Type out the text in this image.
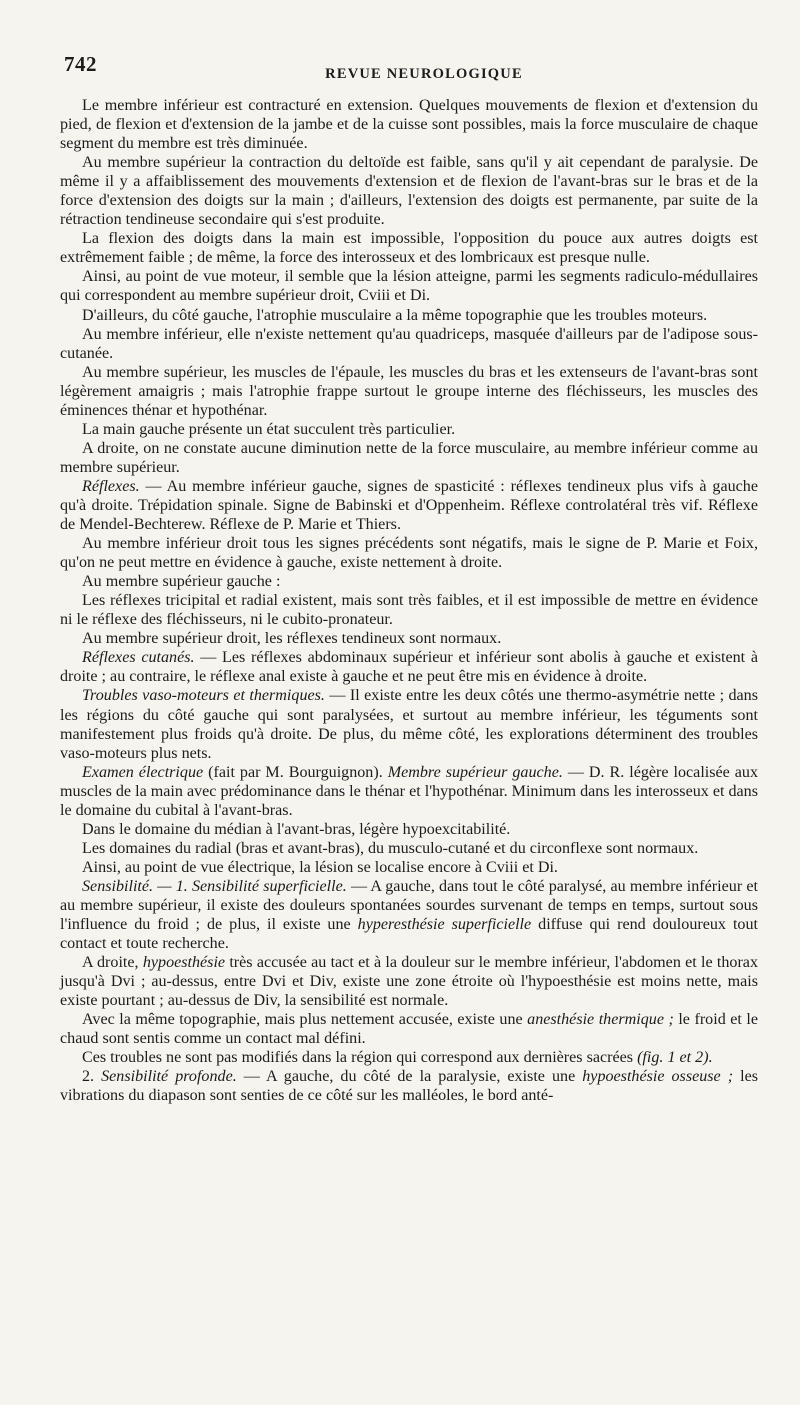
742	REVUE NEUROLOGIQUE

Le membre inférieur est contracturé en extension. Quelques mouvements de flexion et d'extension du pied, de flexion et d'extension de la jambe et de la cuisse sont possibles, mais la force musculaire de chaque segment du membre est très diminuée.

Au membre supérieur la contraction du deltoïde est faible, sans qu'il y ait cependant de paralysie. De même il y a affaiblissement des mouvements d'extension et de flexion de l'avant-bras sur le bras et de la force d'extension des doigts sur la main ; d'ailleurs, l'extension des doigts est permanente, par suite de la rétraction tendineuse secondaire qui s'est produite.

La flexion des doigts dans la main est impossible, l'opposition du pouce aux autres doigts est extrêmement faible ; de même, la force des interosseux et des lombricaux est presque nulle.

Ainsi, au point de vue moteur, il semble que la lésion atteigne, parmi les segments radiculo-médullaires qui correspondent au membre supérieur droit, Cviii et Di.

D'ailleurs, du côté gauche, l'atrophie musculaire a la même topographie que les troubles moteurs.

Au membre inférieur, elle n'existe nettement qu'au quadriceps, masquée d'ailleurs par de l'adipose sous-cutanée.

Au membre supérieur, les muscles de l'épaule, les muscles du bras et les extenseurs de l'avant-bras sont légèrement amaigris ; mais l'atrophie frappe surtout le groupe interne des fléchisseurs, les muscles des éminences thénar et hypothénar.

La main gauche présente un état succulent très particulier.

A droite, on ne constate aucune diminution nette de la force musculaire, au membre inférieur comme au membre supérieur.

Réflexes. — Au membre inférieur gauche, signes de spasticité : réflexes tendineux plus vifs à gauche qu'à droite. Trépidation spinale. Signe de Babinski et d'Oppenheim. Réflexe controlatéral très vif. Réflexe de Mendel-Bechterew. Réflexe de P. Marie et Thiers.

Au membre inférieur droit tous les signes précédents sont négatifs, mais le signe de P. Marie et Foix, qu'on ne peut mettre en évidence à gauche, existe nettement à droite.

Au membre supérieur gauche :

Les réflexes tricipital et radial existent, mais sont très faibles, et il est impossible de mettre en évidence ni le réflexe des fléchisseurs, ni le cubito-pronateur.

Au membre supérieur droit, les réflexes tendineux sont normaux.

Réflexes cutanés. — Les réflexes abdominaux supérieur et inférieur sont abolis à gauche et existent à droite ; au contraire, le réflexe anal existe à gauche et ne peut être mis en évidence à droite.

Troubles vaso-moteurs et thermiques. — Il existe entre les deux côtés une thermo-asymétrie nette ; dans les régions du côté gauche qui sont paralysées, et surtout au membre inférieur, les téguments sont manifestement plus froids qu'à droite. De plus, du même côté, les explorations déterminent des troubles vaso-moteurs plus nets.

Examen électrique (fait par M. Bourguignon). Membre supérieur gauche. — D. R. légère localisée aux muscles de la main avec prédominance dans le thénar et l'hypothénar. Minimum dans les interosseux et dans le domaine du cubital à l'avant-bras.

Dans le domaine du médian à l'avant-bras, légère hypoexcitabilité.

Les domaines du radial (bras et avant-bras), du musculo-cutané et du circonflexe sont normaux.

Ainsi, au point de vue électrique, la lésion se localise encore à Cviii et Di.

Sensibilité. — 1. Sensibilité superficielle. — A gauche, dans tout le côté paralysé, au membre inférieur et au membre supérieur, il existe des douleurs spontanées sourdes survenant de temps en temps, surtout sous l'influence du froid ; de plus, il existe une hyperesthésie superficielle diffuse qui rend douloureux tout contact et toute recherche.

A droite, hypoesthésie très accusée au tact et à la douleur sur le membre inférieur, l'abdomen et le thorax jusqu'à Dvi ; au-dessus, entre Dvi et Div, existe une zone étroite où l'hypoesthésie est moins nette, mais existe pourtant ; au-dessus de Div, la sensibilité est normale.

Avec la même topographie, mais plus nettement accusée, existe une anesthésie thermique ; le froid et le chaud sont sentis comme un contact mal défini.

Ces troubles ne sont pas modifiés dans la région qui correspond aux dernières sacrées (fig. 1 et 2).

2. Sensibilité profonde. — A gauche, du côté de la paralysie, existe une hypoesthésie osseuse ; les vibrations du diapason sont senties de ce côté sur les malléoles, le bord anté-
